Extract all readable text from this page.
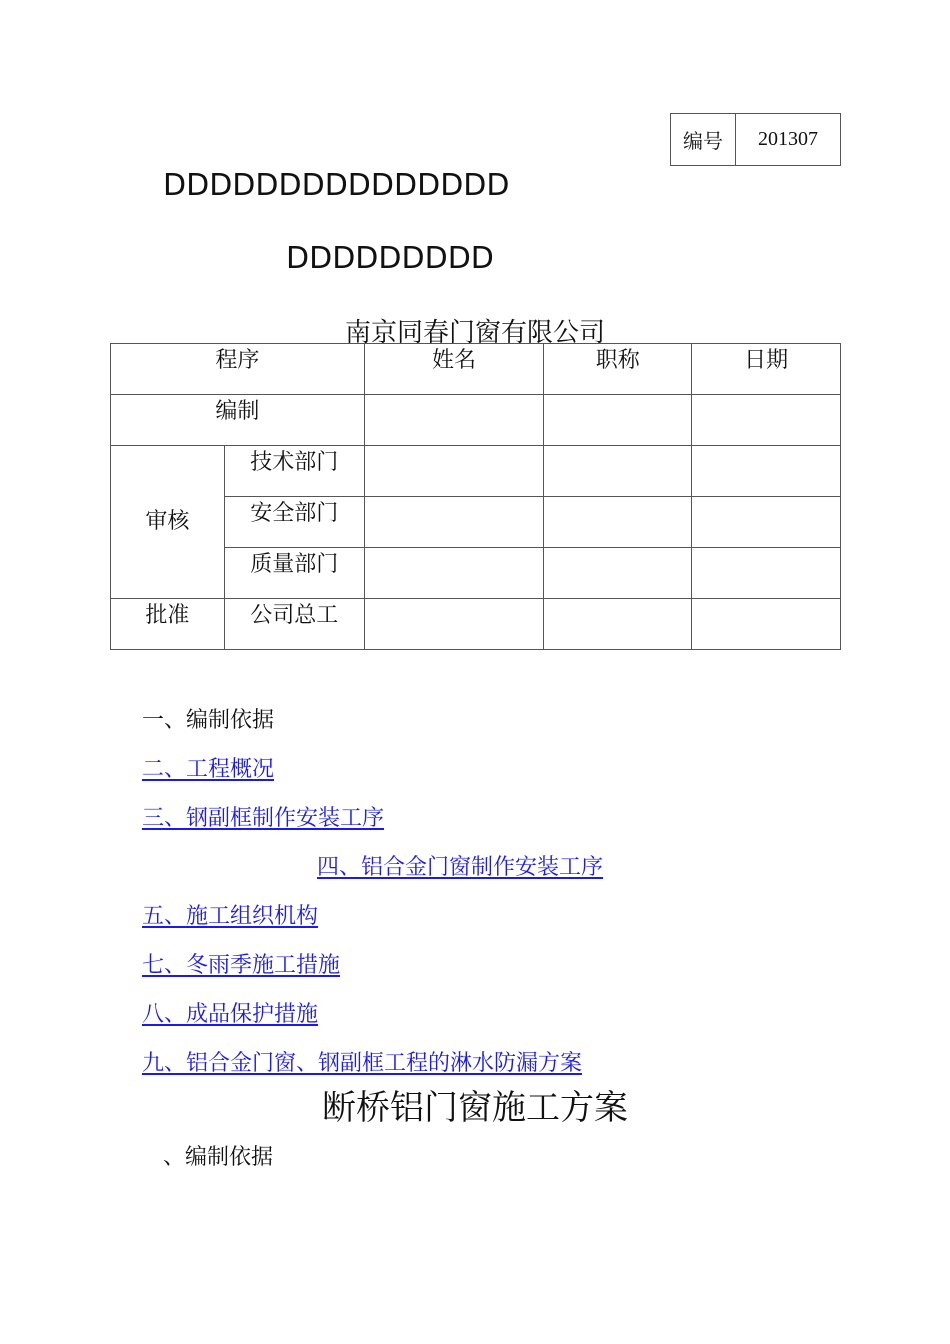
编号	201307
DDDDDDDDDDDDDDD
DDDDDDDDD
南京同春门窗有限公司
程序		姓名	职称	日期
编制				
审核	技术部门			
	安全部门			
	质量部门			
批准	公司总工			
一、编制依据
二、工程概况
三、钢副框制作安装工序
四、铝合金门窗制作安装工序
五、施工组织机构
七、冬雨季施工措施
八、成品保护措施
九、铝合金门窗、钢副框工程的淋水防漏方案
断桥铝门窗施工方案
、编制依据
